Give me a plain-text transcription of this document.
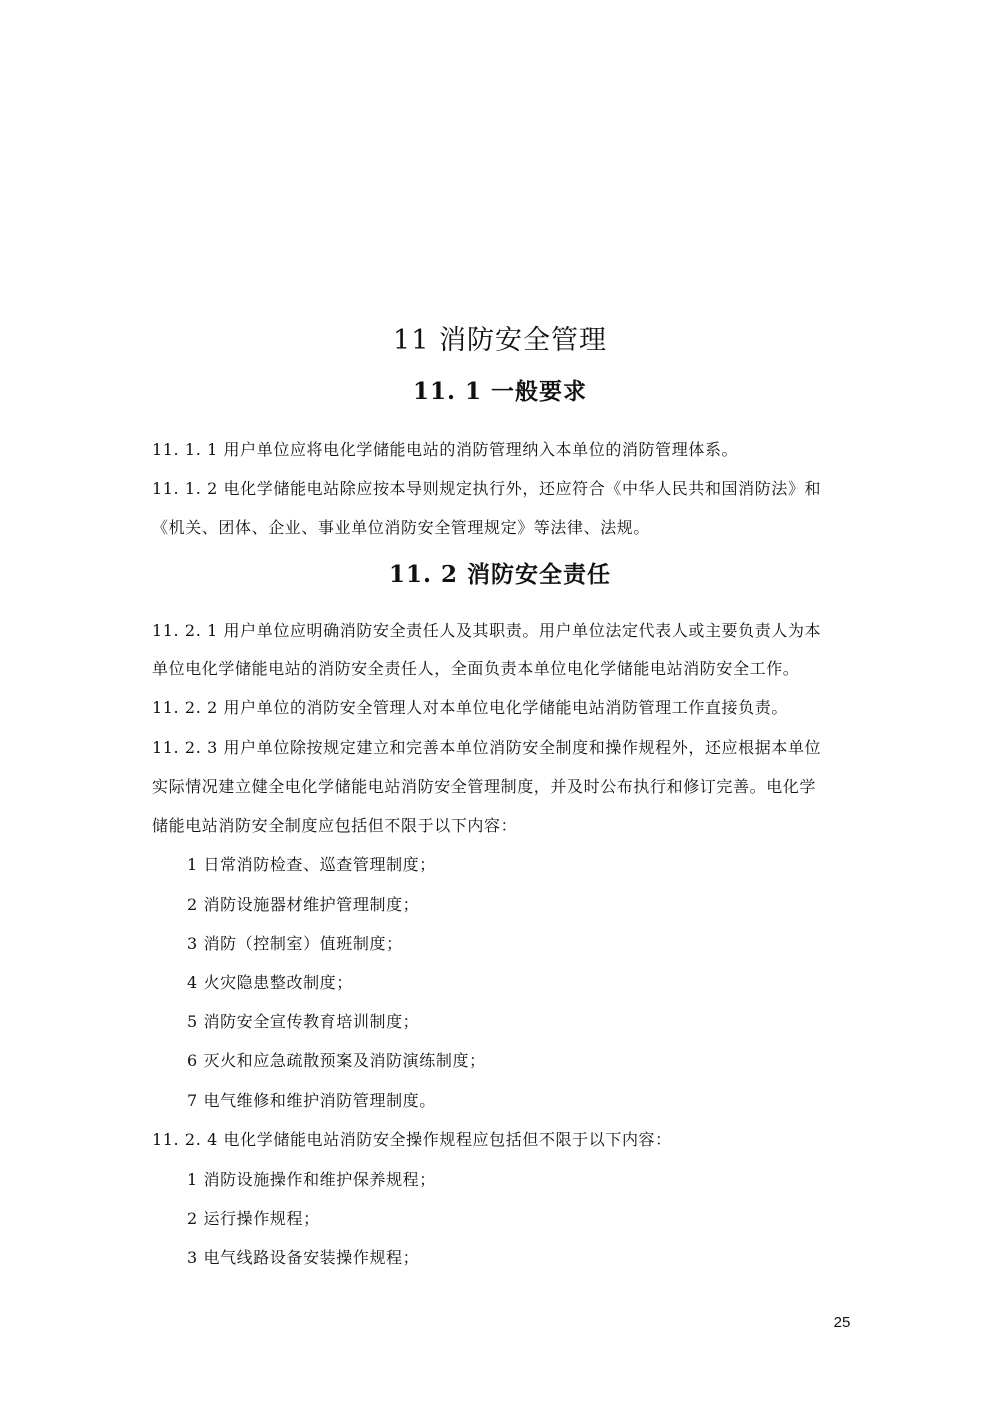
11 消防安全管理
11. 1 一般要求
11. 1. 1 用户单位应将电化学储能电站的消防管理纳入本单位的消防管理体系。
11. 1. 2 电化学储能电站除应按本导则规定执行外，还应符合《中华人民共和国消防法》和
《机关、团体、企业、事业单位消防安全管理规定》等法律、法规。
11. 2 消防安全责任
11. 2. 1 用户单位应明确消防安全责任人及其职责。用户单位法定代表人或主要负责人为本
单位电化学储能电站的消防安全责任人，全面负责本单位电化学储能电站消防安全工作。
11. 2. 2 用户单位的消防安全管理人对本单位电化学储能电站消防管理工作直接负责。
11. 2. 3 用户单位除按规定建立和完善本单位消防安全制度和操作规程外，还应根据本单位
实际情况建立健全电化学储能电站消防安全管理制度，并及时公布执行和修订完善。电化学
储能电站消防安全制度应包括但不限于以下内容：
1 日常消防检查、巡查管理制度；
2 消防设施器材维护管理制度；
3 消防（控制室）值班制度；
4 火灾隐患整改制度；
5 消防安全宣传教育培训制度；
6 灭火和应急疏散预案及消防演练制度；
7 电气维修和维护消防管理制度。
11. 2. 4 电化学储能电站消防安全操作规程应包括但不限于以下内容：
1 消防设施操作和维护保养规程；
2 运行操作规程；
3 电气线路设备安装操作规程；
25
